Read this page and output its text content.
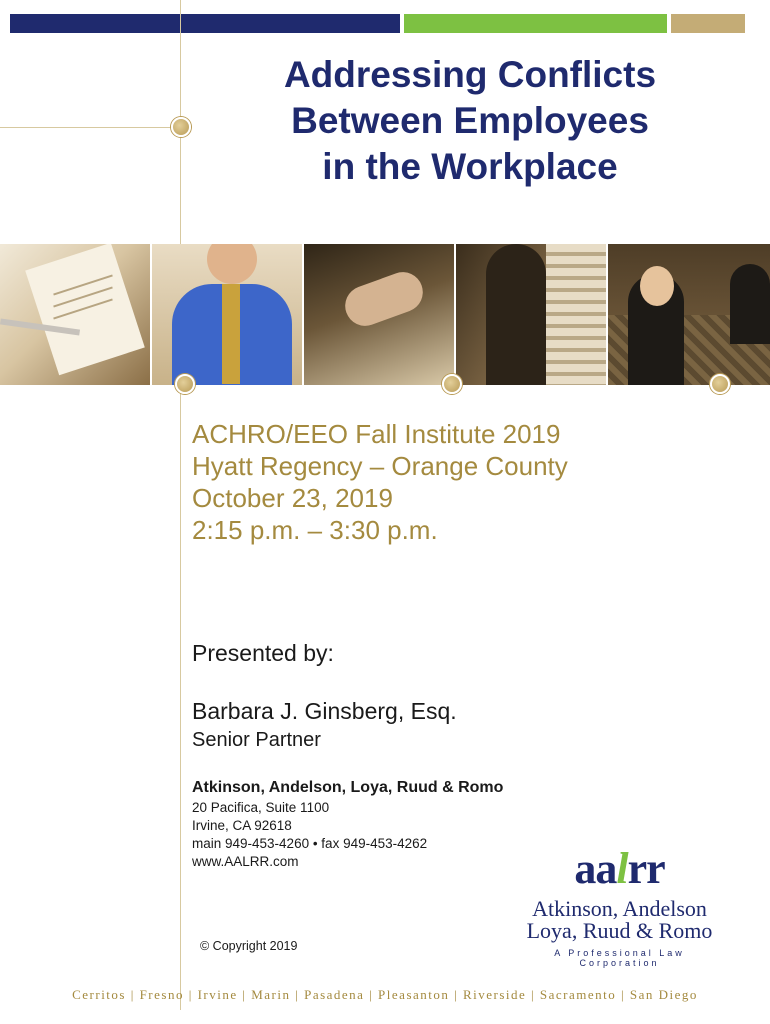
Addressing Conflicts
Between Employees
in the Workplace
ACHRO/EEO Fall Institute 2019
Hyatt Regency – Orange County
October 23, 2019
2:15 p.m. – 3:30 p.m.
Presented by:
Barbara J. Ginsberg, Esq.
Senior Partner
Atkinson, Andelson, Loya, Ruud & Romo
20 Pacifica, Suite 1100
Irvine, CA 92618
main 949-453-4260 • fax 949-453-4262
www.AALRR.com
© Copyright 2019
aalrr
Atkinson, Andelson
Loya, Ruud & Romo
A Professional Law Corporation
Cerritos | Fresno | Irvine | Marin | Pasadena | Pleasanton | Riverside | Sacramento | San Diego
